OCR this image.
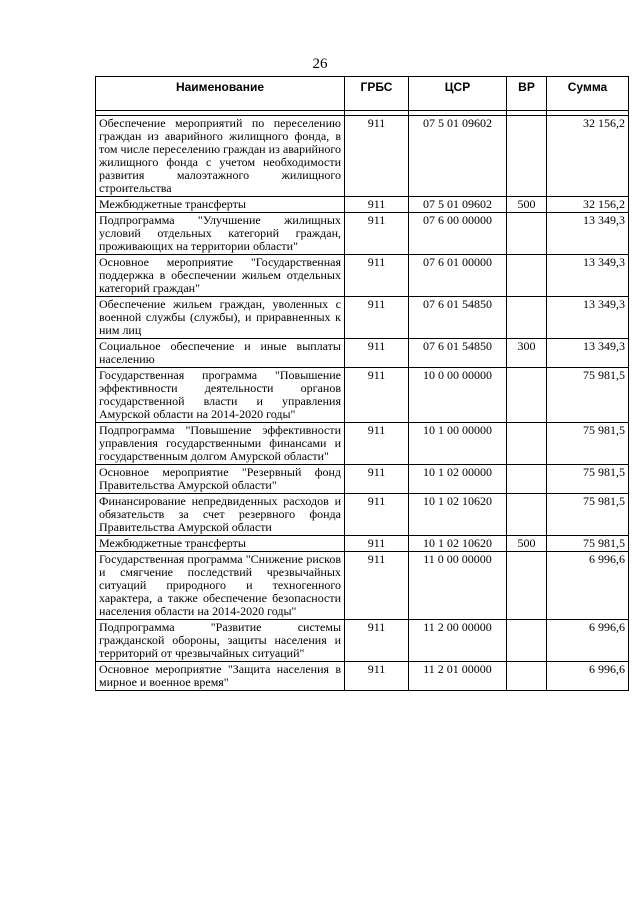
26
Наименование	ГРБС	ЦСР	ВР	Сумма

Обеспечение мероприятий по переселению граждан из аварийного жилищного фонда, в том числе переселению граждан из аварийного жилищного фонда с учетом необходимости развития малоэтажного жилищного строительства	911	07 5 01 09602		32 156,2
Межбюджетные трансферты	911	07 5 01 09602	500	32 156,2
Подпрограмма "Улучшение жилищных условий отдельных категорий граждан, проживающих на территории области"	911	07 6 00 00000		13 349,3
Основное мероприятие "Государственная поддержка в обеспечении жильем отдельных категорий граждан"	911	07 6 01 00000		13 349,3
Обеспечение жильем граждан, уволенных с военной службы (службы), и приравненных к ним лиц	911	07 6 01 54850		13 349,3
Социальное обеспечение и иные выплаты населению	911	07 6 01 54850	300	13 349,3
Государственная программа "Повышение эффективности деятельности органов государственной власти и управления Амурской области на 2014-2020 годы"	911	10 0 00 00000		75 981,5
Подпрограмма "Повышение эффективности управления государственными финансами и государственным долгом Амурской области"	911	10 1 00 00000		75 981,5
Основное мероприятие "Резервный фонд Правительства Амурской области"	911	10 1 02 00000		75 981,5
Финансирование непредвиденных расходов и обязательств за счет резервного фонда Правительства Амурской области	911	10 1 02 10620		75 981,5
Межбюджетные трансферты	911	10 1 02 10620	500	75 981,5
Государственная программа "Снижение рисков и смягчение последствий чрезвычайных ситуаций природного и техногенного характера, а также обеспечение безопасности населения области на 2014-2020 годы"	911	11 0 00 00000		6 996,6
Подпрограмма "Развитие системы гражданской обороны, защиты населения и территорий от чрезвычайных ситуаций"	911	11 2 00 00000		6 996,6
Основное мероприятие "Защита населения в мирное и военное время"	911	11 2 01 00000		6 996,6
